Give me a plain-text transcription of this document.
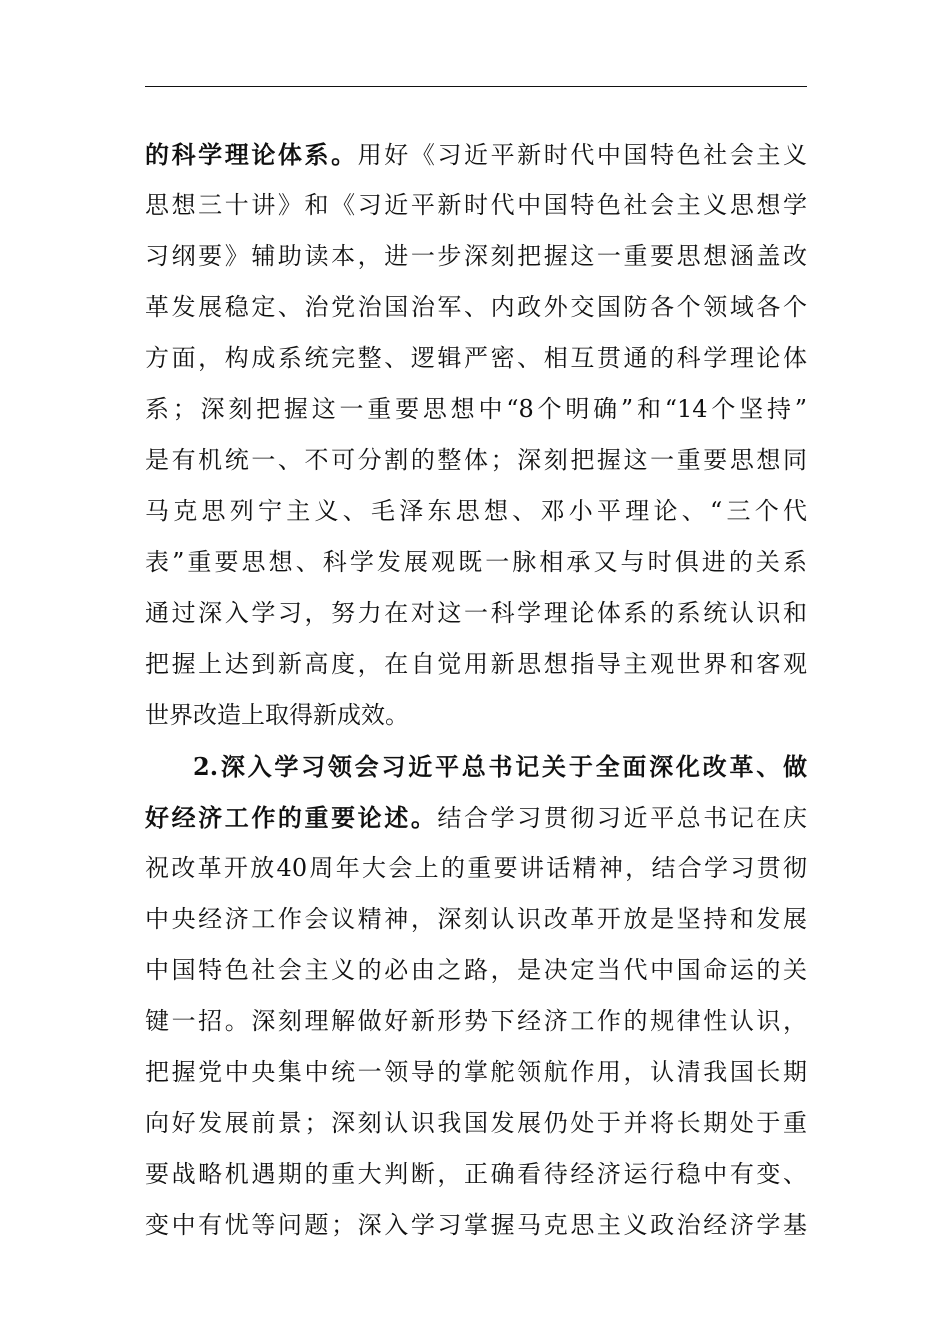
的科学理论体系。用好《习近平新时代中国特色社会主义
思想三十讲》和《习近平新时代中国特色社会主义思想学
习纲要》辅助读本，进一步深刻把握这一重要思想涵盖改
革发展稳定、治党治国治军、内政外交国防各个领域各个
方面，构成系统完整、逻辑严密、相互贯通的科学理论体
系；深刻把握这一重要思想中“8个明确”和“14个坚持”
是有机统一、不可分割的整体；深刻把握这一重要思想同
马克思列宁主义、毛泽东思想、邓小平理论、“三个代
表”重要思想、科学发展观既一脉相承又与时俱进的关系
通过深入学习，努力在对这一科学理论体系的系统认识和
把握上达到新高度，在自觉用新思想指导主观世界和客观
世界改造上取得新成效。
2.深入学习领会习近平总书记关于全面深化改革、做
好经济工作的重要论述。结合学习贯彻习近平总书记在庆
祝改革开放40周年大会上的重要讲话精神，结合学习贯彻
中央经济工作会议精神，深刻认识改革开放是坚持和发展
中国特色社会主义的必由之路，是决定当代中国命运的关
键一招。深刻理解做好新形势下经济工作的规律性认识，
把握党中央集中统一领导的掌舵领航作用，认清我国长期
向好发展前景；深刻认识我国发展仍处于并将长期处于重
要战略机遇期的重大判断，正确看待经济运行稳中有变、
变中有忧等问题；深入学习掌握马克思主义政治经济学基
